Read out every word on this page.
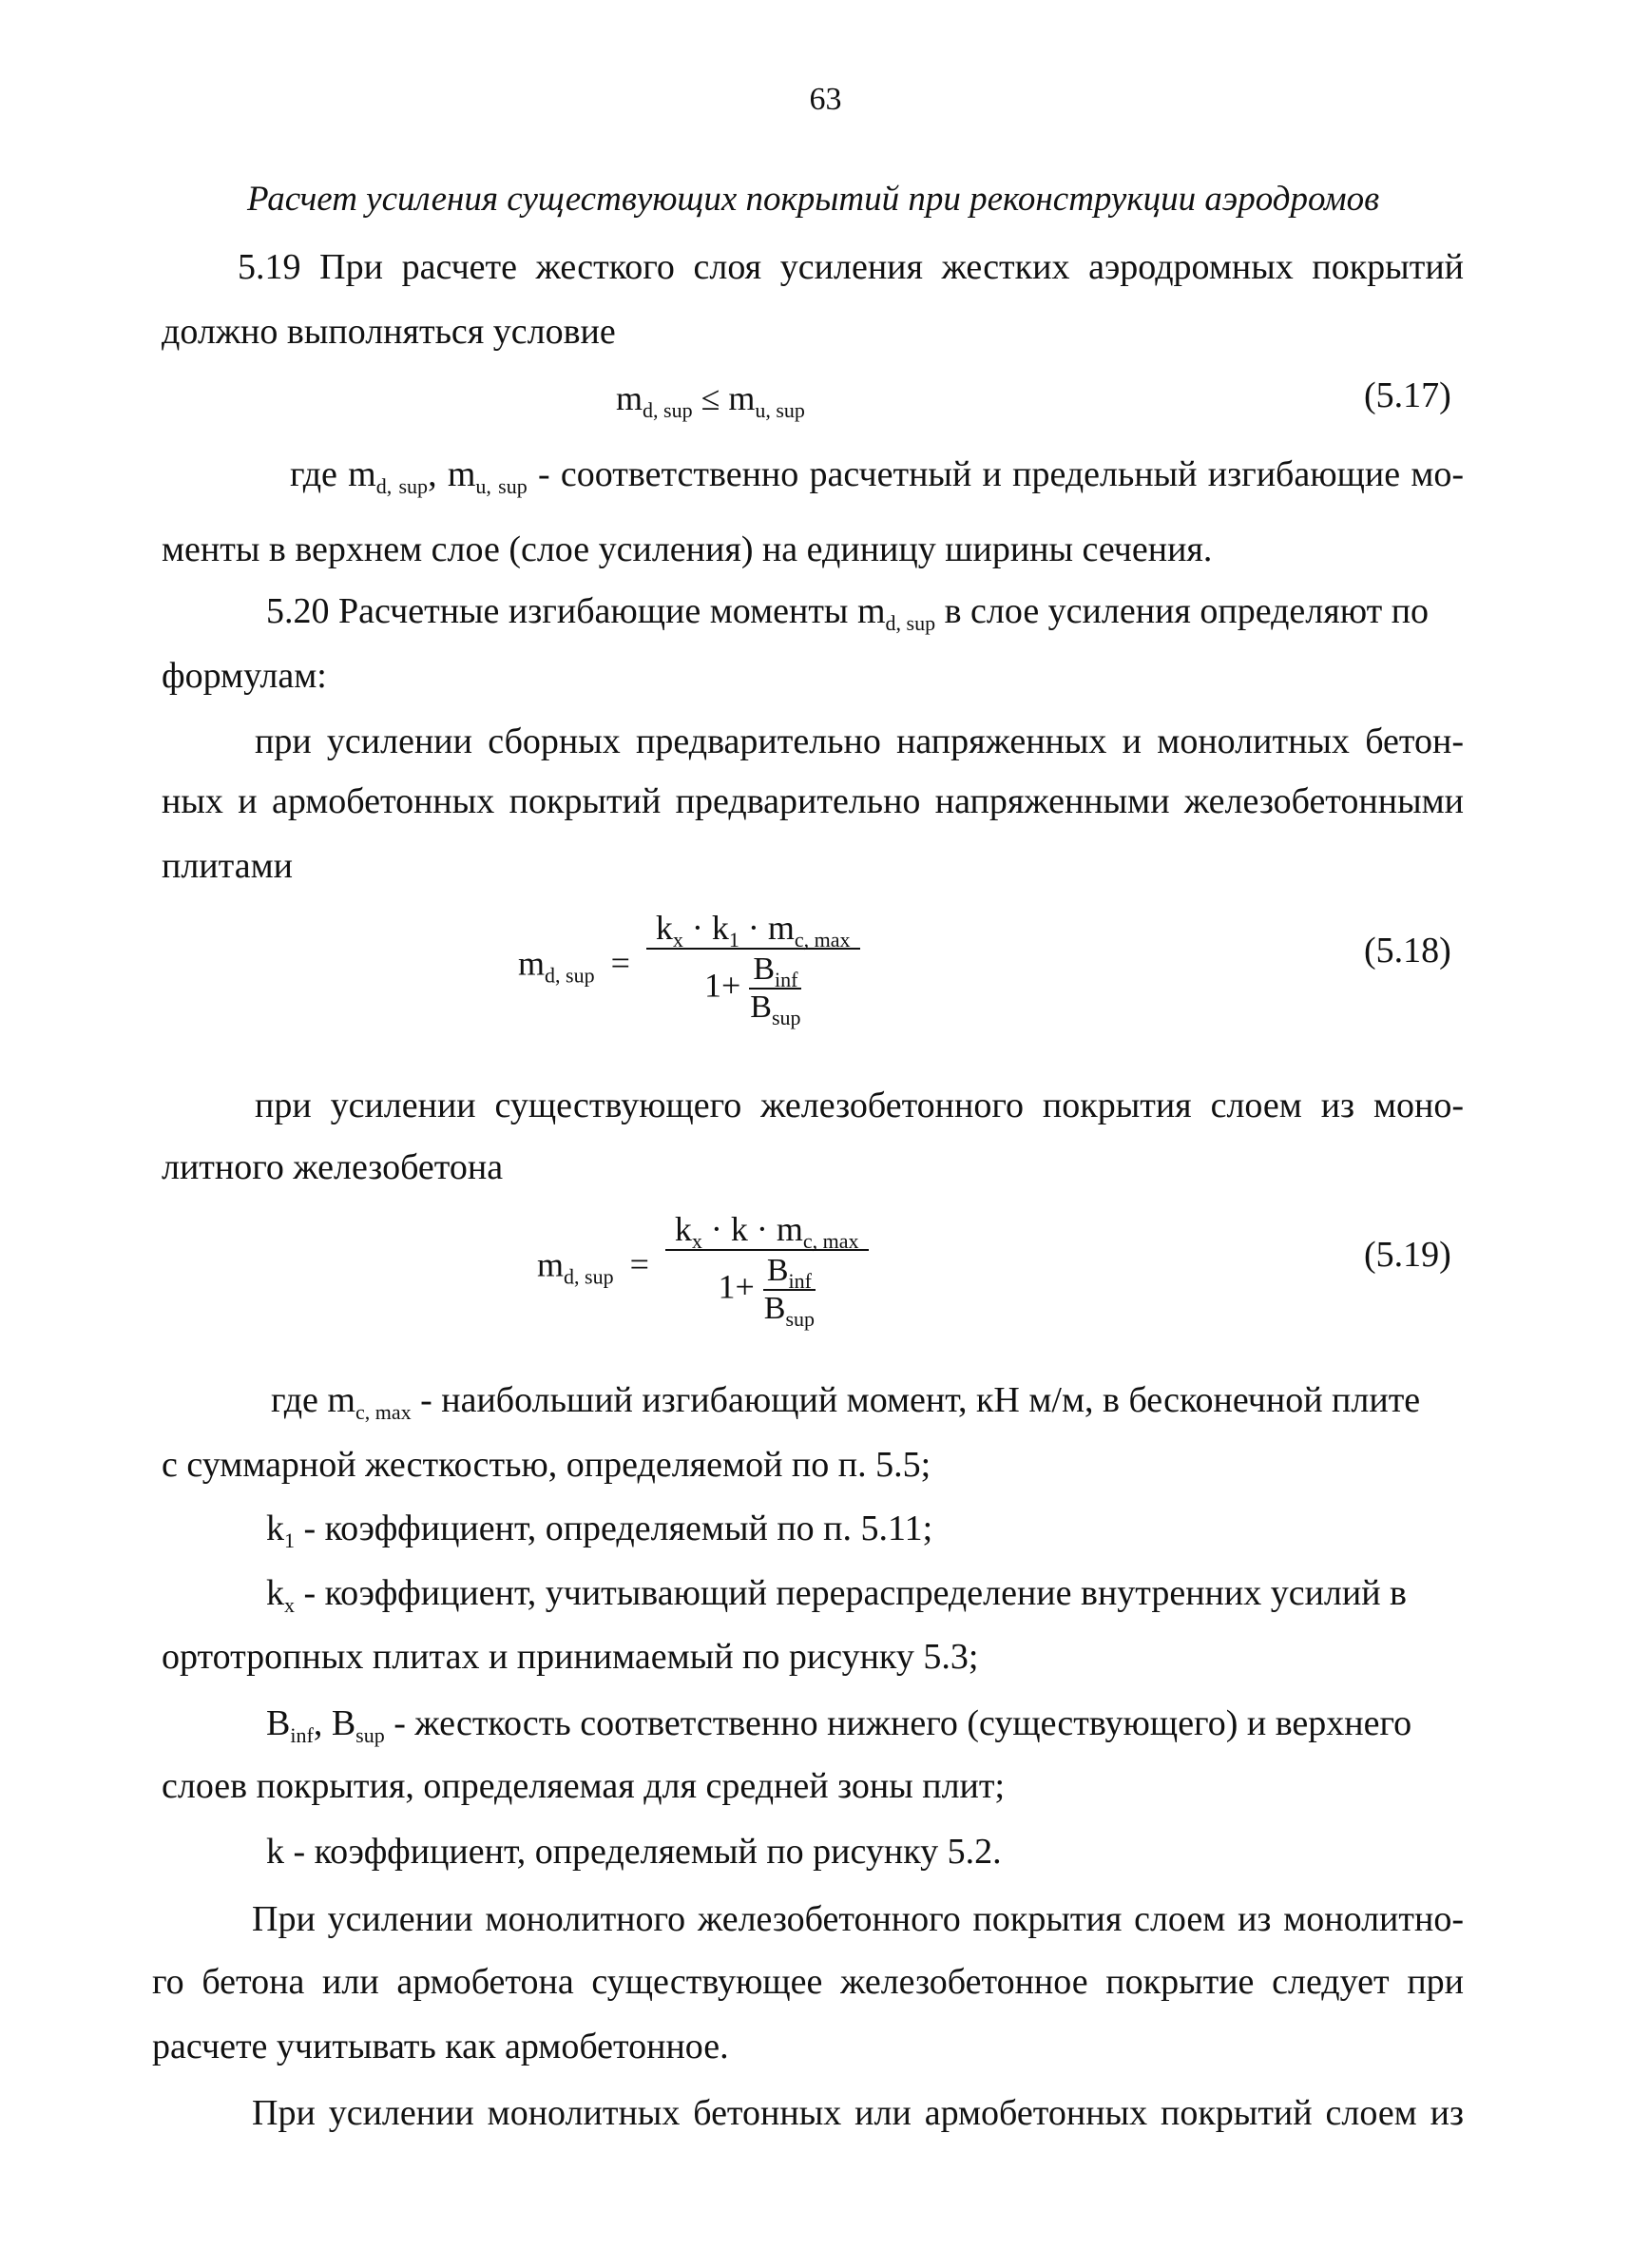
63
Расчет усиления существующих покрытий при реконструкции аэродромов
5.19 При расчете жесткого слоя усиления жестких аэродромных покрытий
должно выполняться условие
$m_{d, sup} \le m_{u, sup}$	(5.17)
где $m_{d, sup}$, $m_{u, sup}$ - соответственно расчетный и предельный изгибающие мо-
менты в верхнем слое (слое усиления) на единицу ширины сечения.
5.20 Расчетные изгибающие моменты $m_{d, sup}$ в слое усиления определяют по
формулам:
при усилении сборных предварительно напряженных и монолитных бетон-
ных и армобетонных покрытий предварительно напряженными железобетонными
плитами
$m_{d, sup} = k_x \cdot k_1 \cdot m_{c, max}$
$1+ B_{inf}$
$B_{sup}$	(5.18)
при усилении существующего железобетонного покрытия слоем из моно-
литного железобетона
$m_{d, sup} = k_x \cdot k \cdot m_{c, max}$
$1+ B_{inf}$
$B_{sup}$	(5.19)
где $m_{c, max}$ - наибольший изгибающий момент, кН м/м, в бесконечной плите
с суммарной жесткостью, определяемой по п. 5.5;
$k_1$ - коэффициент, определяемый по п. 5.11;
$k_x$ - коэффициент, учитывающий перераспределение внутренних усилий в
ортотропных плитах и принимаемый по рисунку 5.3;
$B_{inf}$, $B_{sup}$ - жесткость соответственно нижнего (существующего) и верхнего
слоев покрытия, определяемая для средней зоны плит;
k - коэффициент, определяемый по рисунку 5.2.
При усилении монолитного железобетонного покрытия слоем из монолитно-
го бетона или армобетона существующее железобетонное покрытие следует при
расчете учитывать как армобетонное.
При усилении монолитных бетонных или армобетонных покрытий слоем из
